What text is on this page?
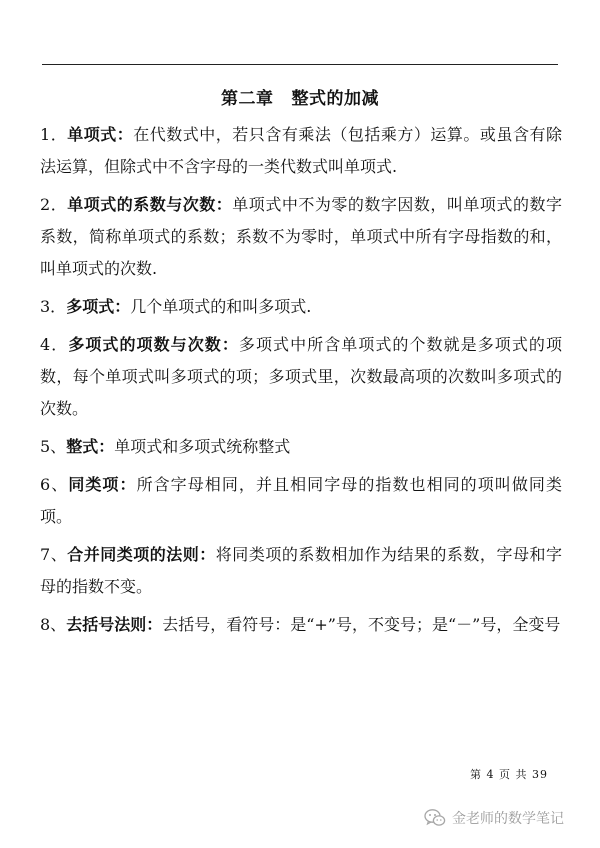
第二章 整式的加减

1．单项式：在代数式中，若只含有乘法（包括乘方）运算。或虽含有除法运算，但除式中不含字母的一类代数式叫单项式.

2．单项式的系数与次数：单项式中不为零的数字因数，叫单项式的数字系数，简称单项式的系数；系数不为零时，单项式中所有字母指数的和，叫单项式的次数.

3．多项式：几个单项式的和叫多项式.

4．多项式的项数与次数：多项式中所含单项式的个数就是多项式的项数，每个单项式叫多项式的项；多项式里，次数最高项的次数叫多项式的次数。

5、整式：单项式和多项式统称整式

6、同类项：所含字母相同，并且相同字母的指数也相同的项叫做同类项。

7、合并同类项的法则：将同类项的系数相加作为结果的系数，字母和字母的指数不变。

8、去括号法则：去括号，看符号：是“+”号，不变号；是“－”号，全变号

第 4 页 共 39
金老师的数学笔记
